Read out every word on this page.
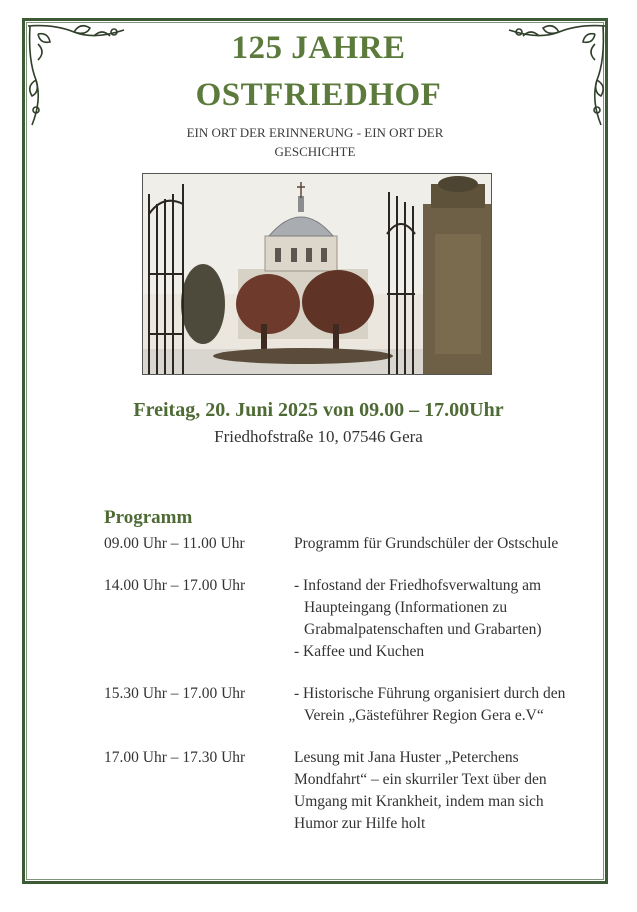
125 JAHRE
OSTFRIEDHOF
EIN ORT DER ERINNERUNG - EIN ORT DER
GESCHICHTE
Freitag, 20. Juni 2025 von 09.00 – 17.00Uhr
Friedhofstraße 10, 07546 Gera
Programm
09.00 Uhr – 11.00 Uhr	Programm für Grundschüler der Ostschule
14.00 Uhr – 17.00 Uhr	- Infostand der Friedhofsverwaltung am
Haupteingang (Informationen zu
Grabmalpatenschaften und Grabarten)
- Kaffee und Kuchen
15.30 Uhr – 17.00 Uhr	- Historische Führung organisiert durch den
Verein „Gästeführer Region Gera e.V“
17.00 Uhr – 17.30 Uhr	Lesung mit Jana Huster „Peterchens
Mondfahrt“ – ein skurriler Text über den
Umgang mit Krankheit, indem man sich
Humor zur Hilfe holt
